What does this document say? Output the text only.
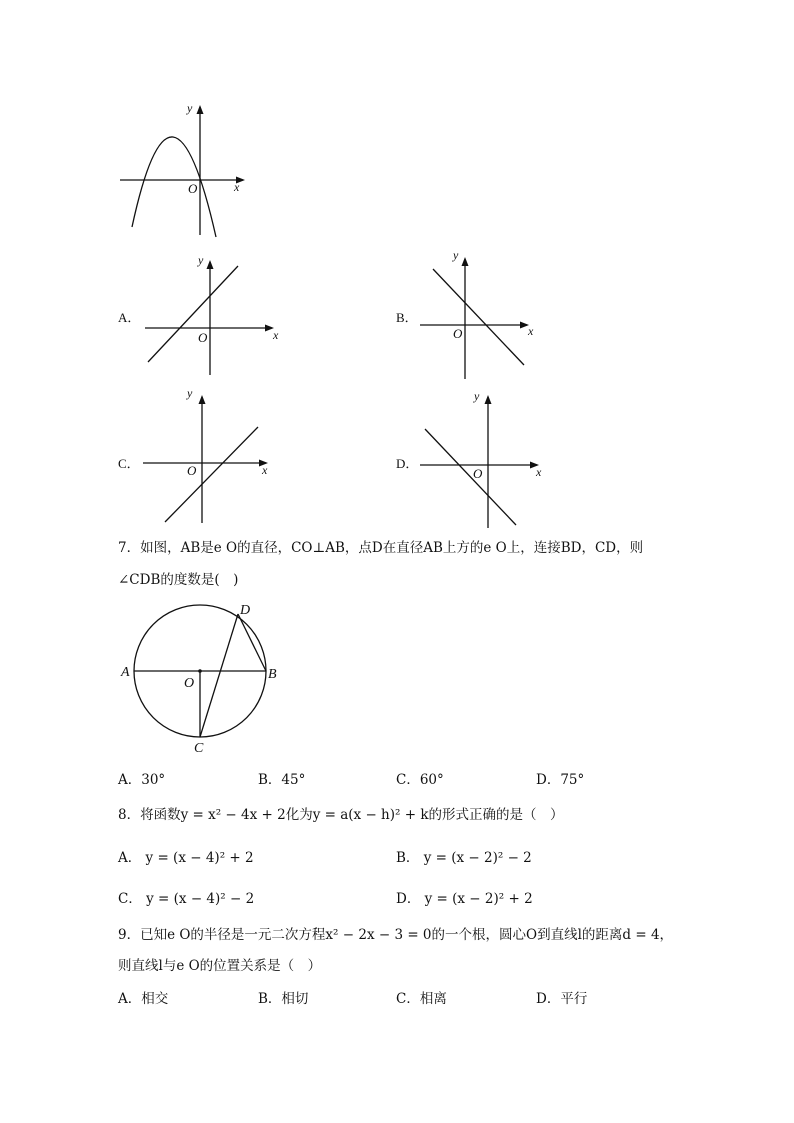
y
x
O
A．
y
x
O
B．
y
x
O
C．
y
x
O	D．
y
x
O
7．如图，AB是e O的直径，CO⊥AB，点D在直径AB上方的e O上，连接BD，CD，则
∠CDB的度数是(　)
A	B
C
D
O
A．30°	B．45°	C．60°	D．75°
8．将函数y = x² − 4x + 2化为y = a(x − h)² + k的形式正确的是（　）
A． y = (x − 4)² + 2	B． y = (x − 2)² − 2
C． y = (x − 4)² − 2	D． y = (x − 2)² + 2
9．已知e O的半径是一元二次方程x² − 2x − 3 = 0的一个根，圆心O到直线l的距离d = 4，
则直线l与e O的位置关系是（　）
A．相交	B．相切	C．相离	D．平行
